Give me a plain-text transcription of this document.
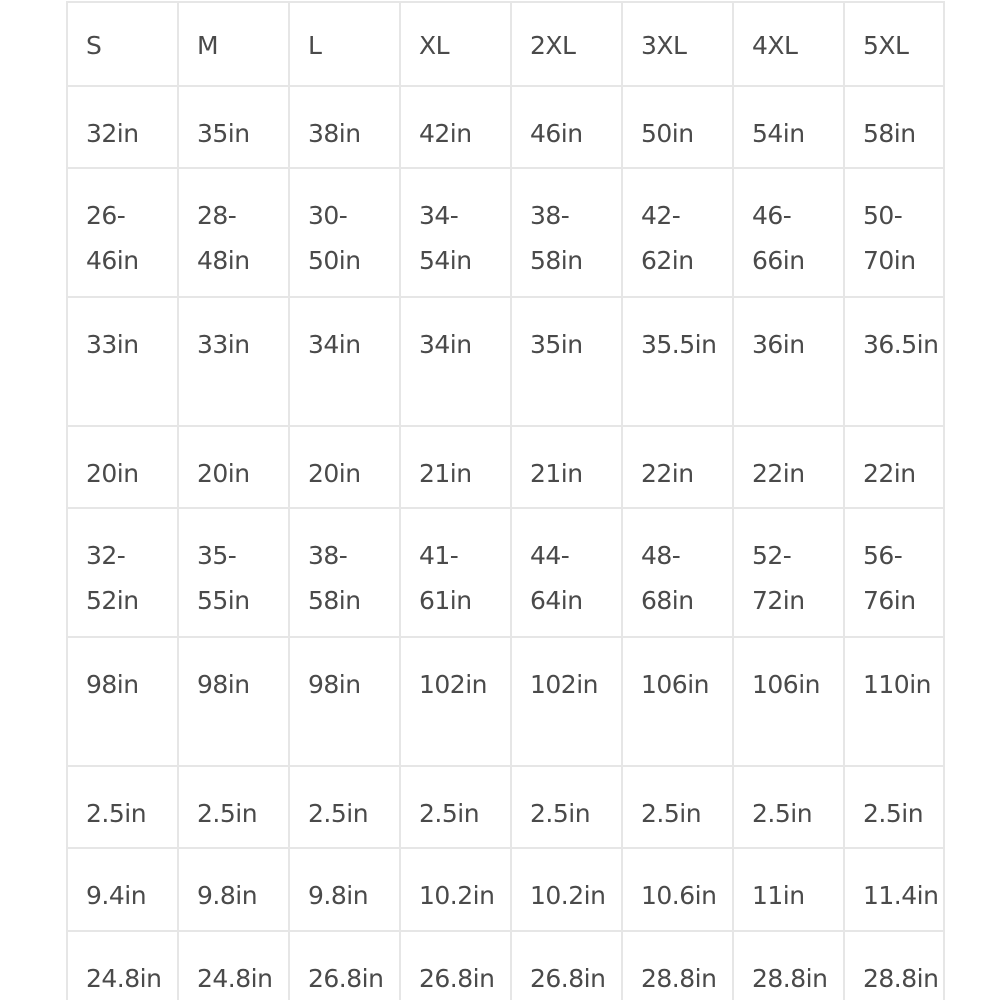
S	M	L	XL	2XL	3XL	4XL	5XL

32in	35in	38in	42in	46in	50in	54in	58in

26-46in	28-48in	30-50in	34-54in	38-58in	42-62in	46-66in	50-70in

33in	33in	34in	34in	35in	35.5in	36in	36.5in

20in	20in	20in	21in	21in	22in	22in	22in

32-52in	35-55in	38-58in	41-61in	44-64in	48-68in	52-72in	56-76in

98in	98in	98in	102in	102in	106in	106in	110in

2.5in	2.5in	2.5in	2.5in	2.5in	2.5in	2.5in	2.5in

9.4in	9.8in	9.8in	10.2in	10.2in	10.6in	11in	11.4in

24.8in	24.8in	26.8in	26.8in	26.8in	28.8in	28.8in	28.8in
